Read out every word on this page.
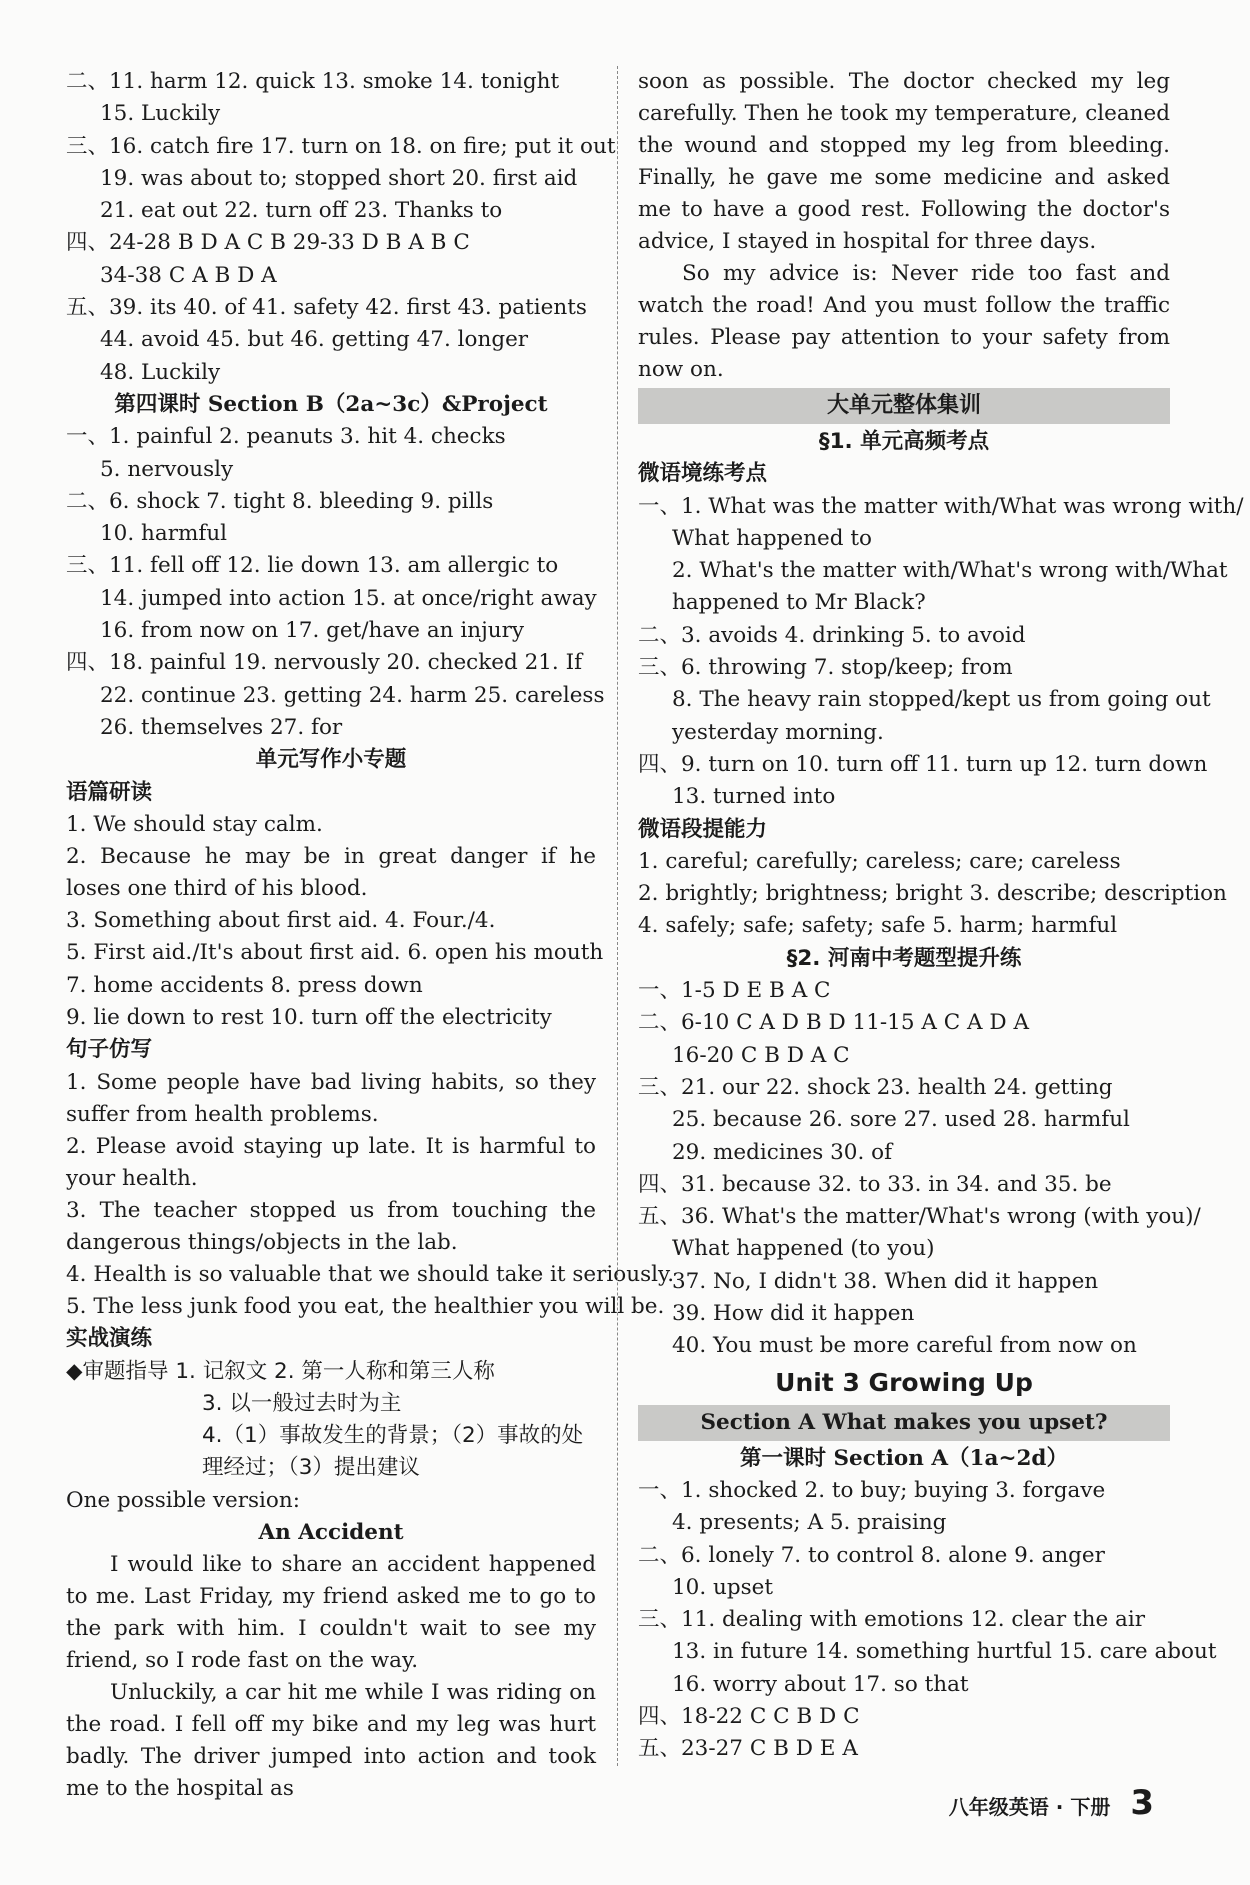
二、11. harm 12. quick 13. smoke 14. tonight
15. Luckily
三、16. catch fire 17. turn on 18. on fire; put it out
19. was about to; stopped short 20. first aid
21. eat out 22. turn off 23. Thanks to
四、24-28 B D A C B 29-33 D B A B C
34-38 C A B D A
五、39. its 40. of 41. safety 42. first 43. patients
44. avoid 45. but 46. getting 47. longer
48. Luckily
第四课时 Section B（2a~3c）&Project
一、1. painful 2. peanuts 3. hit 4. checks
5. nervously
二、6. shock 7. tight 8. bleeding 9. pills
10. harmful
三、11. fell off 12. lie down 13. am allergic to
14. jumped into action 15. at once/right away
16. from now on 17. get/have an injury
四、18. painful 19. nervously 20. checked 21. If
22. continue 23. getting 24. harm 25. careless
26. themselves 27. for
单元写作小专题
语篇研读
1. We should stay calm.
2. Because he may be in great danger if he loses one third of his blood.
3. Something about first aid. 4. Four./4.
5. First aid./It's about first aid. 6. open his mouth
7. home accidents 8. press down
9. lie down to rest 10. turn off the electricity
句子仿写
1. Some people have bad living habits, so they suffer from health problems.
2. Please avoid staying up late. It is harmful to your health.
3. The teacher stopped us from touching the dangerous things/objects in the lab.
4. Health is so valuable that we should take it seriously.
5. The less junk food you eat, the healthier you will be.
实战演练
◆审题指导 1. 记叙文 2. 第一人称和第三人称
3. 以一般过去时为主
4.（1）事故发生的背景；（2）事故的处
理经过；（3）提出建议
One possible version:
An Accident
I would like to share an accident happened to me. Last Friday, my friend asked me to go to the park with him. I couldn't wait to see my friend, so I rode fast on the way.
Unluckily, a car hit me while I was riding on the road. I fell off my bike and my leg was hurt badly. The driver jumped into action and took me to the hospital as
soon as possible. The doctor checked my leg carefully. Then he took my temperature, cleaned the wound and stopped my leg from bleeding. Finally, he gave me some medicine and asked me to have a good rest. Following the doctor's advice, I stayed in hospital for three days.
So my advice is: Never ride too fast and watch the road! And you must follow the traffic rules. Please pay attention to your safety from now on.
大单元整体集训
§1. 单元高频考点
微语境练考点
一、1. What was the matter with/What was wrong with/
What happened to
2. What's the matter with/What's wrong with/What
happened to Mr Black?
二、3. avoids 4. drinking 5. to avoid
三、6. throwing 7. stop/keep; from
8. The heavy rain stopped/kept us from going out
yesterday morning.
四、9. turn on 10. turn off 11. turn up 12. turn down
13. turned into
微语段提能力
1. careful; carefully; careless; care; careless
2. brightly; brightness; bright 3. describe; description
4. safely; safe; safety; safe 5. harm; harmful
§2. 河南中考题型提升练
一、1-5 D E B A C
二、6-10 C A D B D 11-15 A C A D A
16-20 C B D A C
三、21. our 22. shock 23. health 24. getting
25. because 26. sore 27. used 28. harmful
29. medicines 30. of
四、31. because 32. to 33. in 34. and 35. be
五、36. What's the matter/What's wrong (with you)/
What happened (to you)
37. No, I didn't 38. When did it happen
39. How did it happen
40. You must be more careful from now on
Unit 3 Growing Up
Section A What makes you upset?
第一课时 Section A（1a~2d）
一、1. shocked 2. to buy; buying 3. forgave
4. presents; A 5. praising
二、6. lonely 7. to control 8. alone 9. anger
10. upset
三、11. dealing with emotions 12. clear the air
13. in future 14. something hurtful 15. care about
16. worry about 17. so that
四、18-22 C C B D C
五、23-27 C B D E A
八年级英语 · 下册 3
